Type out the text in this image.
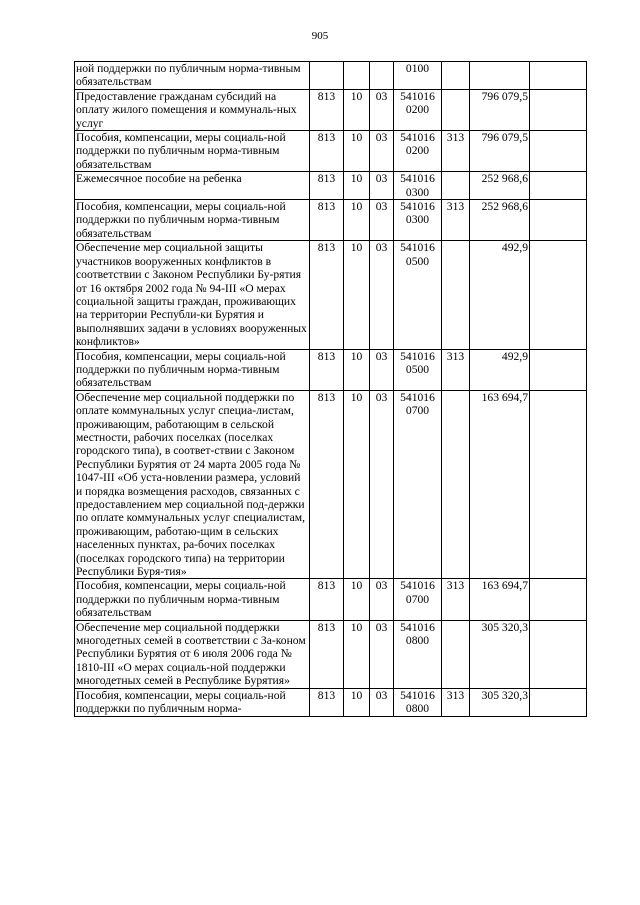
905
ной поддержки по публичным норма-тивным обязательствам				0100			

Предоставление гражданам субсидий на оплату жилого помещения и коммуналь-ных услуг	813	10	03	541016
0200		796 079,5	
Пособия, компенсации, меры социаль-ной поддержки по публичным норма-тивным обязательствам	813	10	03	541016
0200	313	796 079,5	
Ежемесячное пособие на ребенка	813	10	03	541016
0300		252 968,6	
Пособия, компенсации, меры социаль-ной поддержки по публичным норма-тивным обязательствам	813	10	03	541016
0300	313	252 968,6	
Обеспечение мер социальной защиты участников вооруженных конфликтов в соответствии с Законом Республики Бу-рятия от 16 октября 2002 года № 94-III «О мерах социальной защиты граждан, проживающих на территории Республи-ки Бурятия и выполнявших задачи в условиях вооруженных конфликтов»	813	10	03	541016
0500		492,9	
Пособия, компенсации, меры социаль-ной поддержки по публичным норма-тивным обязательствам	813	10	03	541016
0500	313	492,9	
Обеспечение мер социальной поддержки по оплате коммунальных услуг специа-листам, проживающим, работающим в сельской местности, рабочих поселках (поселках городского типа), в соответ-ствии с Законом Республики Бурятия от 24 марта 2005 года № 1047-III «Об уста-новлении размера, условий и порядка возмещения расходов, связанных с предоставлением мер социальной под-держки по оплате коммунальных услуг специалистам, проживающим, работаю-щим в сельских населенных пунктах, ра-бочих поселках (поселках городского типа) на территории Республики Буря-тия»	813	10	03	541016
0700		163 694,7	
Пособия, компенсации, меры социаль-ной поддержки по публичным норма-тивным обязательствам	813	10	03	541016
0700	313	163 694,7	
Обеспечение мер социальной поддержки многодетных семей в соответствии с За-коном Республики Бурятия от 6 июля 2006 года № 1810-III «О мерах социаль-ной поддержки многодетных семей в Республике Бурятия»	813	10	03	541016
0800		305 320,3	
Пособия, компенсации, меры социаль-ной поддержки по публичным норма-	813	10	03	541016
0800	313	305 320,3	
